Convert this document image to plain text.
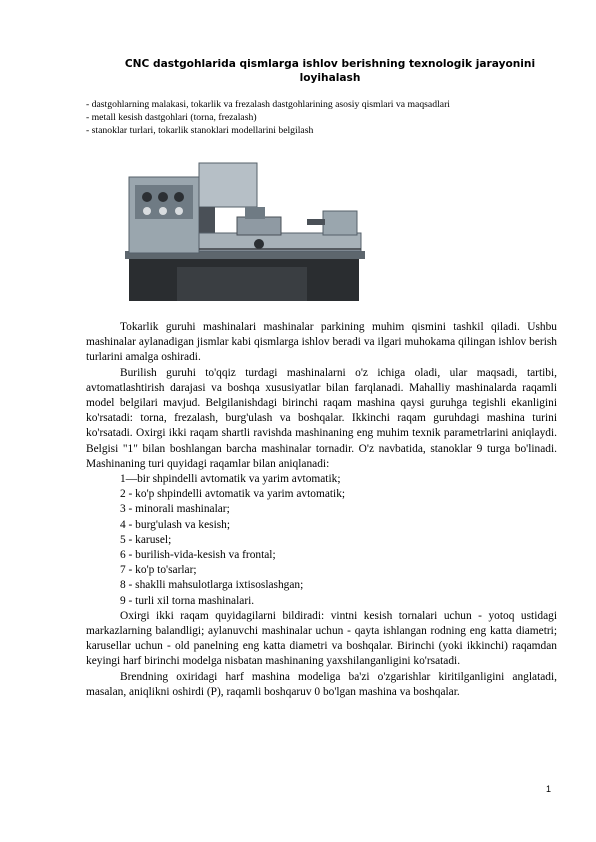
CNC dastgohlarida qismlarga ishlov berishning texnologik jarayonini loyihalash
- dastgohlarning malakasi, tokarlik va frezalash dastgohlarining asosiy qismlari va maqsadlari
- metall kesish dastgohlari (torna, frezalash)
- stanoklar turlari, tokarlik stanoklari modellarini belgilash

Tokarlik guruhi mashinalari mashinalar parkining muhim qismini tashkil qiladi. Ushbu mashinalar aylanadigan jismlar kabi qismlarga ishlov beradi va ilgari muhokama qilingan ishlov berish turlarini amalga oshiradi.

Burilish guruhi to'qqiz turdagi mashinalarni o'z ichiga oladi, ular maqsadi, tartibi, avtomatlashtirish darajasi va boshqa xususiyatlar bilan farqlanadi. Mahalliy mashinalarda raqamli model belgilari mavjud. Belgilanishdagi birinchi raqam mashina qaysi guruhga tegishli ekanligini ko'rsatadi: torna, frezalash, burg'ulash va boshqalar. Ikkinchi raqam guruhdagi mashina turini ko'rsatadi. Oxirgi ikki raqam shartli ravishda mashinaning eng muhim texnik parametrlarini aniqlaydi. Belgisi "1" bilan boshlangan barcha mashinalar tornadir. O'z navbatida, stanoklar 9 turga bo'linadi. Mashinaning turi quyidagi raqamlar bilan aniqlanadi:

1—bir shpindelli avtomatik va yarim avtomatik;
2 - ko'p shpindelli avtomatik va yarim avtomatik;
3 - minorali mashinalar;
4 - burg'ulash va kesish;
5 - karusel;
6 - burilish-vida-kesish va frontal;
7 - ko'p to'sarlar;
8 - shaklli mahsulotlarga ixtisoslashgan;
9 - turli xil torna mashinalari.

Oxirgi ikki raqam quyidagilarni bildiradi: vintni kesish tornalari uchun - yotoq ustidagi markazlarning balandligi; aylanuvchi mashinalar uchun - qayta ishlangan rodning eng katta diametri; karusellar uchun - old panelning eng katta diametri va boshqalar. Birinchi (yoki ikkinchi) raqamdan keyingi harf birinchi modelga nisbatan mashinaning yaxshilanganligini ko'rsatadi.

Brendning oxiridagi harf mashina modeliga ba'zi o'zgarishlar kiritilganligini anglatadi, masalan, aniqlikni oshirdi (P), raqamli boshqaruv 0 bo'lgan mashina va boshqalar.

1
